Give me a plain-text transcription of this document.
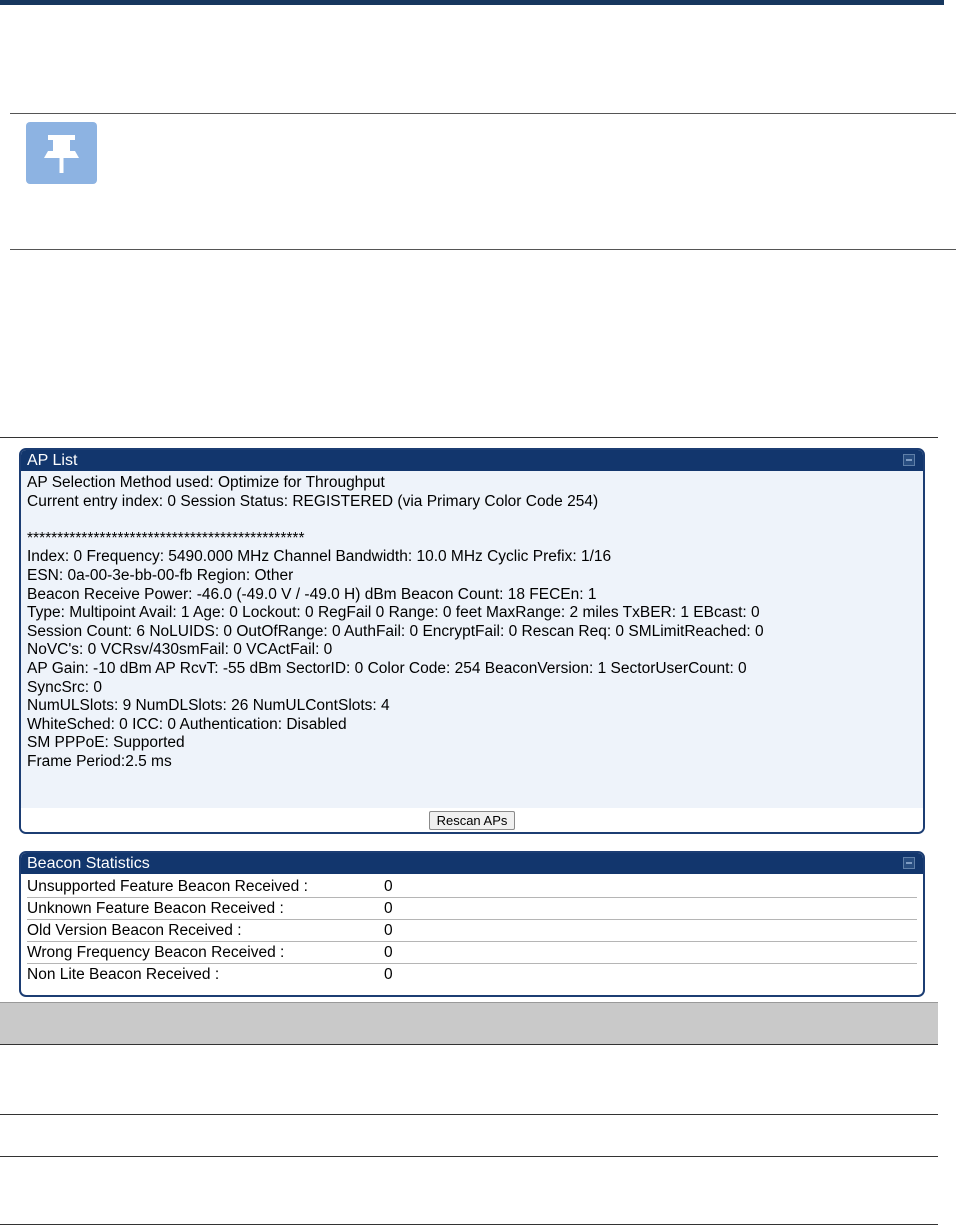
AP List
AP Selection Method used: Optimize for Throughput
Current entry index: 0 Session Status: REGISTERED (via Primary Color Code 254)
**********************************************
Index: 0 Frequency: 5490.000 MHz Channel Bandwidth: 10.0 MHz Cyclic Prefix: 1/16
ESN: 0a-00-3e-bb-00-fb Region: Other
Beacon Receive Power: -46.0 (-49.0 V / -49.0 H) dBm Beacon Count: 18 FECEn: 1
Type: Multipoint Avail: 1 Age: 0 Lockout: 0 RegFail 0 Range: 0 feet MaxRange: 2 miles TxBER: 1 EBcast: 0
Session Count: 6 NoLUIDS: 0 OutOfRange: 0 AuthFail: 0 EncryptFail: 0 Rescan Req: 0 SMLimitReached: 0
NoVC's: 0 VCRsv/430smFail: 0 VCActFail: 0
AP Gain: -10 dBm AP RcvT: -55 dBm SectorID: 0 Color Code: 254 BeaconVersion: 1 SectorUserCount: 0
SyncSrc: 0
NumULSlots: 9 NumDLSlots: 26 NumULContSlots: 4
WhiteSched: 0 ICC: 0 Authentication: Disabled
SM PPPoE: Supported
Frame Period:2.5 ms
Rescan APs
Beacon Statistics
Unsupported Feature Beacon Received :	0
Unknown Feature Beacon Received :	0
Old Version Beacon Received :	0
Wrong Frequency Beacon Received :	0
Non Lite Beacon Received :	0
